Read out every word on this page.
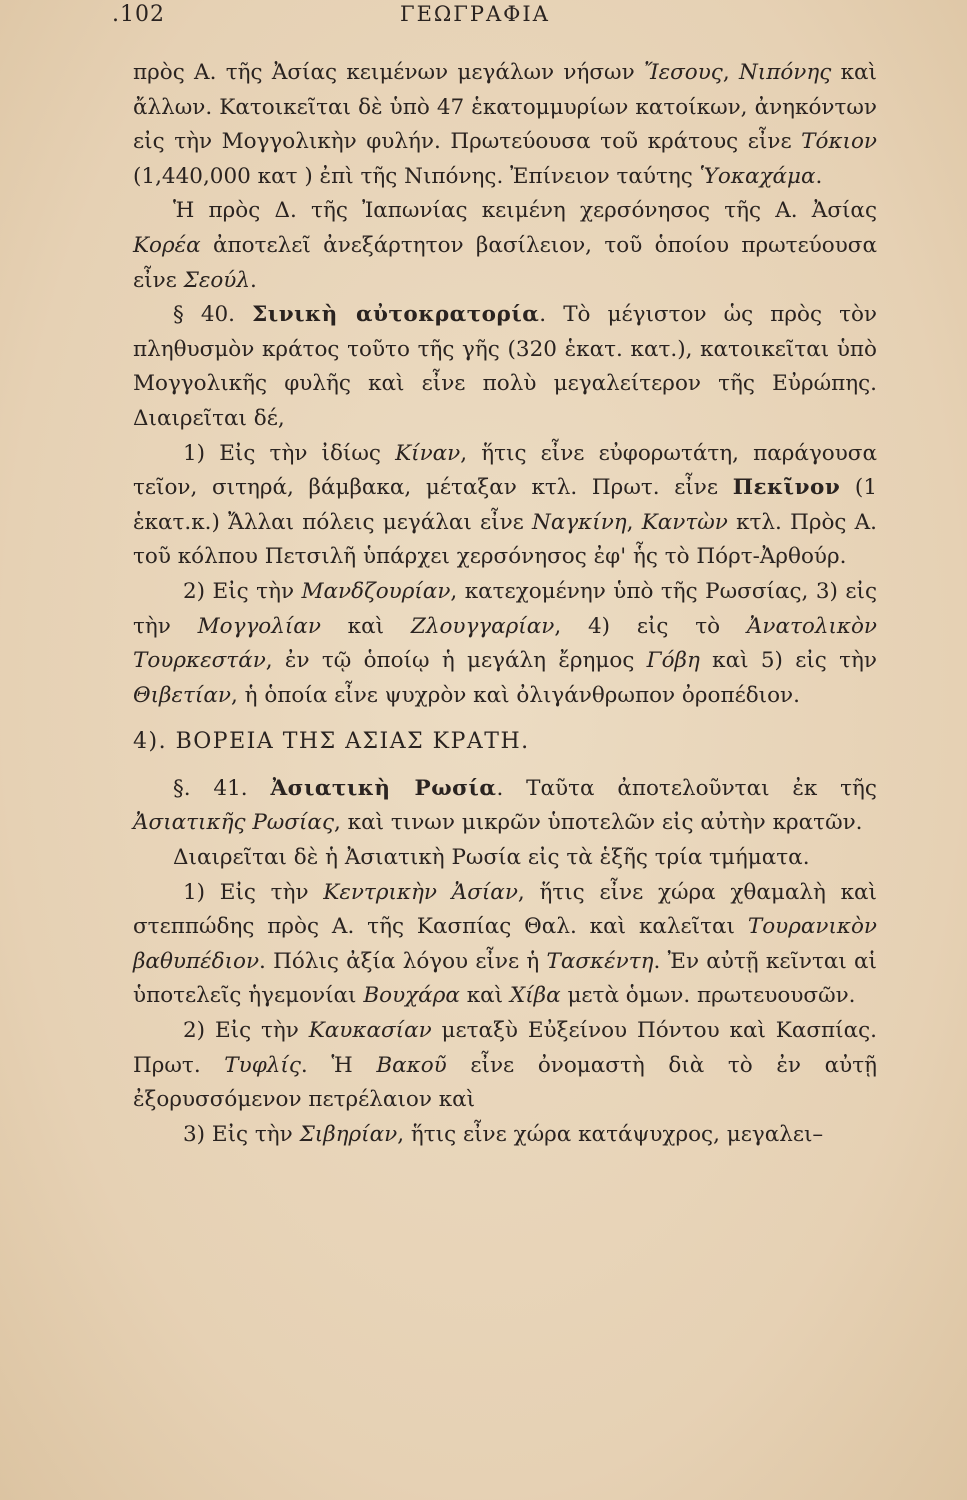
.102	ΓΕΩΓΡΑΦΙΑ

πρὸς Α. τῆς Ἀσίας κειμένων μεγάλων νήσων Ἴεσους, Νιπόνης καὶ ἄλλων. Κατοικεῖται δὲ ὑπὸ 47 ἑκατομμυρίων κατοίκων, ἀνηκόντων εἰς τὴν Μογγολικὴν φυλήν. Πρωτεύουσα τοῦ κράτους εἶνε Τόκιον (1,440,000 κατ ) ἐπὶ τῆς Νιπόνης. Ἐπίνειον ταύτης Ὑοκαχάμα.

Ἡ πρὸς Δ. τῆς Ἰαπωνίας κειμένη χερσόνησος τῆς Α. Ἀσίας Κορέα ἀποτελεῖ ἀνεξάρτητον βασίλειον, τοῦ ὁποίου πρωτεύουσα εἶνε Σεούλ.

§ 40. Σινικὴ αὐτοκρατορία. Τὸ μέγιστον ὡς πρὸς τὸν πληθυσμὸν κράτος τοῦτο τῆς γῆς (320 ἑκατ. κατ.), κατοικεῖται ὑπὸ Μογγολικῆς φυλῆς καὶ εἶνε πολὺ μεγαλείτερον τῆς Εὐρώπης. Διαιρεῖται δέ,

1) Εἰς τὴν ἰδίως Κίναν, ἥτις εἶνε εὐφορωτάτη, παράγουσα τεῖον, σιτηρά, βάμβακα, μέταξαν κτλ. Πρωτ. εἶνε Πεκῖνον (1 ἑκατ.κ.) Ἄλλαι πόλεις μεγάλαι εἶνε Ναγκίνη, Καντὼν κτλ. Πρὸς Α. τοῦ κόλπου Πετσιλῆ ὑπάρχει χερσόνησος ἐφ' ἧς τὸ Πόρτ-Ἀρθούρ.

2) Εἰς τὴν Μανδζουρίαν, κατεχομένην ὑπὸ τῆς Ρωσσίας, 3) εἰς τὴν Μογγολίαν καὶ Ζλουγγαρίαν, 4) εἰς τὸ Ἀνατολικὸν Τουρκεστάν, ἐν τῷ ὁποίῳ ἡ μεγάλη ἔρημος Γόβη καὶ 5) εἰς τὴν Θιβετίαν, ἡ ὁποία εἶνε ψυχρὸν καὶ ὀλιγάνθρωπον ὀροπέδιον.

4). ΒΟΡΕΙΑ ΤΗΣ ΑΣΙΑΣ ΚΡΑΤΗ.

§. 41. Ἀσιατικὴ Ρωσία. Ταῦτα ἀποτελοῦνται ἐκ τῆς Ἀσιατικῆς Ρωσίας, καὶ τινων μικρῶν ὑποτελῶν εἰς αὐτὴν κρατῶν.

Διαιρεῖται δὲ ἡ Ἀσιατικὴ Ρωσία εἰς τὰ ἑξῆς τρία τμήματα.

1) Εἰς τὴν Κεντρικὴν Ἀσίαν, ἥτις εἶνε χώρα χθαμαλὴ καὶ στεππώδης πρὸς Α. τῆς Κασπίας Θαλ. καὶ καλεῖται Τουρανικὸν βαθυπέδιον. Πόλις ἀξία λόγου εἶνε ἡ Τασκέντη. Ἐν αὐτῇ κεῖνται αἱ ὑποτελεῖς ἡγεμονίαι Βουχάρα καὶ Χίβα μετὰ ὁμων. πρωτευουσῶν.

2) Εἰς τὴν Καυκασίαν μεταξὺ Εὐξείνου Πόντου καὶ Κασπίας. Πρωτ. Τυφλίς. Ἡ Βακοῦ εἶνε ὀνομαστὴ διὰ τὸ ἐν αὐτῇ ἐξορυσσόμενον πετρέλαιον καὶ

3) Εἰς τὴν Σιβηρίαν, ἥτις εἶνε χώρα κατάψυχρος, μεγαλει–
